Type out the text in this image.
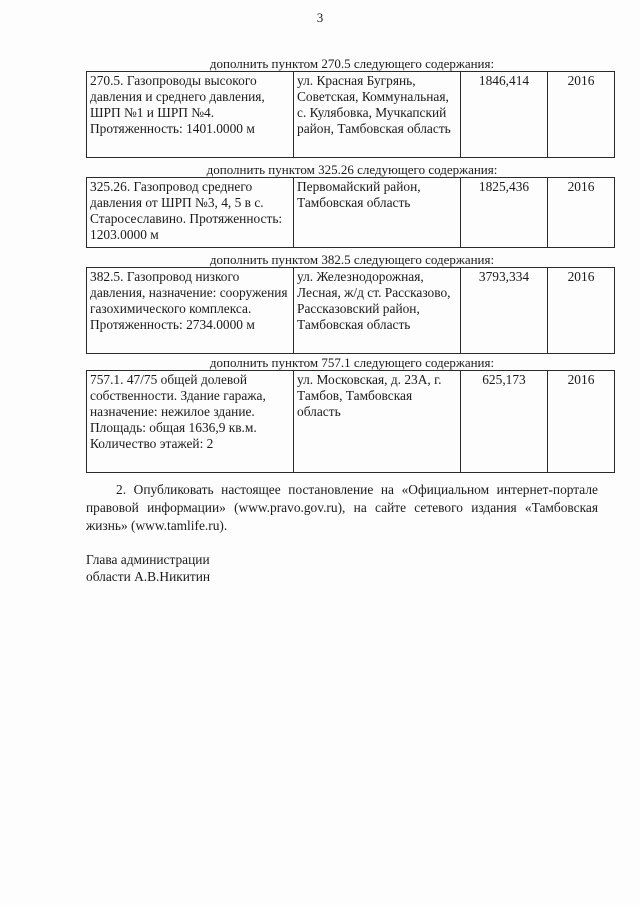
3
дополнить пунктом 270.5 следующего содержания:
270.5. Газопроводы высокого давления и среднего давления, ШРП №1 и ШРП №4. Протяженность: 1401.0000 м	ул. Красная Бугрянь, Советская, Коммунальная, с. Кулябовка, Мучкапский район, Тамбовская область	1846,414	2016
дополнить пунктом 325.26 следующего содержания:
325.26. Газопровод среднего давления от ШРП №3, 4, 5 в с. Старосеславино. Протяженность: 1203.0000 м	Первомайский район, Тамбовская область	1825,436	2016
дополнить пунктом 382.5 следующего содержания:
382.5. Газопровод низкого давления, назначение: сооружения газохимического комплекса. Протяженность: 2734.0000 м	ул. Железнодорожная, Лесная, ж/д ст. Рассказово, Рассказовский район, Тамбовская область	3793,334	2016
дополнить пунктом 757.1 следующего содержания:
757.1. 47/75 общей долевой собственности. Здание гаража, назначение: нежилое здание. Площадь: общая 1636,9 кв.м. Количество этажей: 2	ул. Московская, д. 23А, г. Тамбов, Тамбовская область	625,173	2016
2. Опубликовать настоящее постановление на «Официальном интернет-портале правовой информации» (www.pravo.gov.ru), на сайте сетевого издания «Тамбовская жизнь» (www.tamlife.ru).
Глава администрации
области А.В.Никитин
